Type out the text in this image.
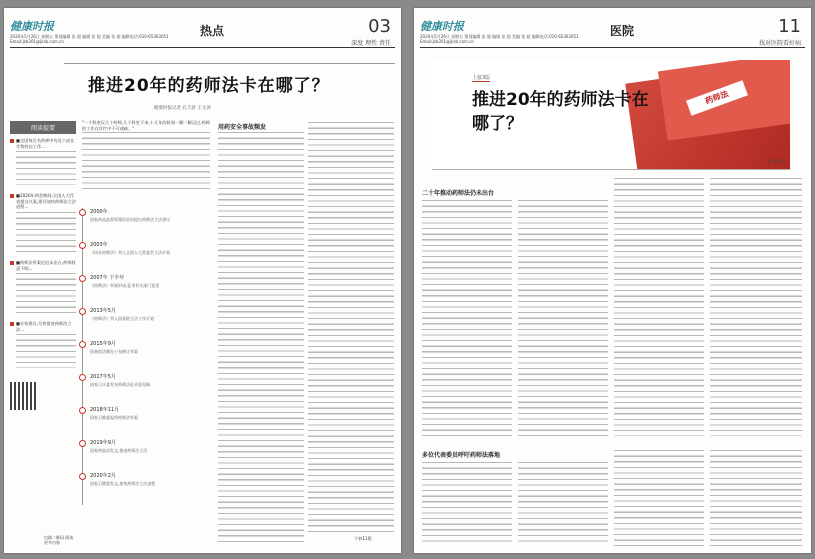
健康时报
2020年5月26日 星期五 策划编辑 张 超 编辑 张 超 美编 张 超 编辑电话:010-65363051 Email:jkb301@jksb.com.cn
热点	03
深度 理性 责任
推进20年的药师法卡在哪了？
健康时报记者 孔天骄 王文涛
阅读提要
■全国每百名药师中有近六成在零售药店工作...
■2020年两会期间,全国人大代表提交议案,建议加快药师法立法进程...
■药师法草案迟迟未出台,药师权责不明...
■专家建议,尽快推进药师法立法...
扫描二维码 阅读更多内容
"一个科室仅几个药师,几个科室下来,十几年的时间一脚一脚迈过,药师的工作在诊疗中不可或缺。"
2000年
国家药品监督管理局首次提出药师法立法建议
2003年
《执业药师法》列入全国人大常委会立法计划
2007年 下半年
《药师法》草案形成,征求有关部门意见
2013年5月
《药师法》列入国务院立法工作计划
2015年9月
国务院法制办公布修订草案
2017年5月
国家卫计委发布药师法征求意见稿
2018年11月
国家卫健委起草药师法草案
2019年9月
国家药监局发文,推进药师法立法
2020年2月
国家卫健委发文,加快药师法立法进程
用药安全事故频发
下转11版
健康时报
2020年5月26日 星期五 策划编辑 张 超 编辑 张 超 美编 张 超 编辑电话:010-65363051 Email:jkb301@jksb.com.cn
医院	11
找对医院看好病
药师法
上接3版
推进20年的药师法卡在哪了？
鲁 戴/图
二十年推动药师法仍未出台
多位代表委员呼吁药师法落地
